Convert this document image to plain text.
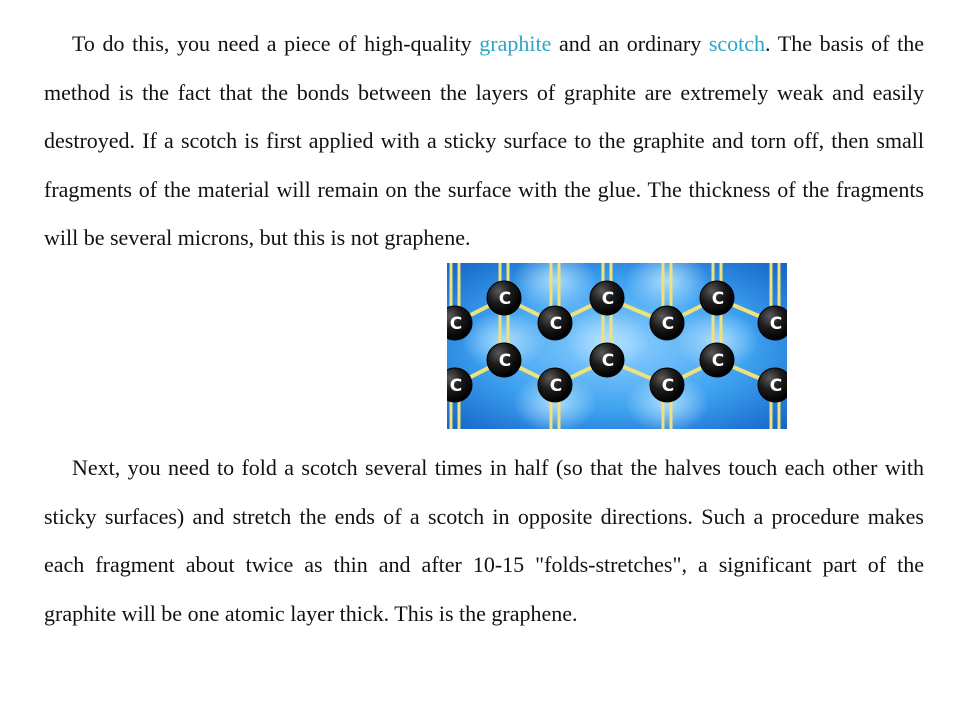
To do this, you need a piece of high-quality graphite and an ordinary scotch. The basis of the method is the fact that the bonds between the layers of graphite are extremely weak and easily destroyed. If a scotch is first applied with a sticky surface to the graphite and torn off, then small fragments of the material will remain on the surface with the glue. The thickness of the fragments will be several microns, but this is not graphene.

C
C
C
C
C
C
C
C
C
C
C
C
C
C

Next, you need to fold a scotch several times in half (so that the halves touch each other with sticky surfaces) and stretch the ends of a scotch in opposite directions. Such a procedure makes each fragment about twice as thin and after 10-15 "folds-stretches", a significant part of the graphite will be one atomic layer thick. This is the graphene.
